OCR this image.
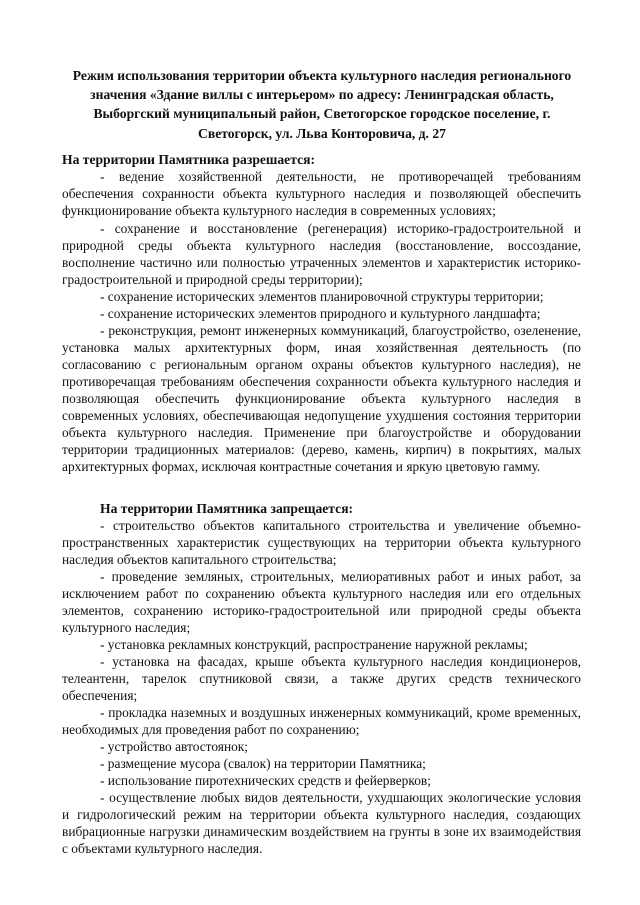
Режим использования территории объекта культурного наследия регионального значения «Здание виллы с интерьером» по адресу: Ленинградская область, Выборгский муниципальный район, Светогорское городское поселение, г. Светогорск, ул. Льва Конторовича, д. 27
На территории Памятника разрешается:
- ведение хозяйственной деятельности, не противоречащей требованиям обеспечения сохранности объекта культурного наследия и позволяющей обеспечить функционирование объекта культурного наследия в современных условиях;
- сохранение и восстановление (регенерация) историко-градостроительной и природной среды объекта культурного наследия (восстановление, воссоздание, восполнение частично или полностью утраченных элементов и характеристик историко-градостроительной и природной среды территории);
- сохранение исторических элементов планировочной структуры территории;
- сохранение исторических элементов природного и культурного ландшафта;
- реконструкция, ремонт инженерных коммуникаций, благоустройство, озеленение, установка малых архитектурных форм, иная хозяйственная деятельность (по согласованию с региональным органом охраны объектов культурного наследия), не противоречащая требованиям обеспечения сохранности объекта культурного наследия и позволяющая обеспечить функционирование объекта культурного наследия в современных условиях, обеспечивающая недопущение ухудшения состояния территории объекта культурного наследия. Применение при благоустройстве и оборудовании территории традиционных материалов: (дерево, камень, кирпич) в покрытиях, малых архитектурных формах, исключая контрастные сочетания и яркую цветовую гамму.
На территории Памятника запрещается:
- строительство объектов капитального строительства и увеличение объемно-пространственных характеристик существующих на территории объекта культурного наследия объектов капитального строительства;
- проведение земляных, строительных, мелиоративных работ и иных работ, за исключением работ по сохранению объекта культурного наследия или его отдельных элементов, сохранению историко-градостроительной или природной среды объекта культурного наследия;
- установка рекламных конструкций, распространение наружной рекламы;
- установка на фасадах, крыше объекта культурного наследия кондиционеров, телеантенн, тарелок спутниковой связи, а также других средств технического обеспечения;
- прокладка наземных и воздушных инженерных коммуникаций, кроме временных, необходимых для проведения работ по сохранению;
- устройство автостоянок;
- размещение мусора (свалок) на территории Памятника;
- использование пиротехнических средств и фейерверков;
- осуществление любых видов деятельности, ухудшающих экологические условия и гидрологический режим на территории объекта культурного наследия, создающих вибрационные нагрузки динамическим воздействием на грунты в зоне их взаимодействия с объектами культурного наследия.
